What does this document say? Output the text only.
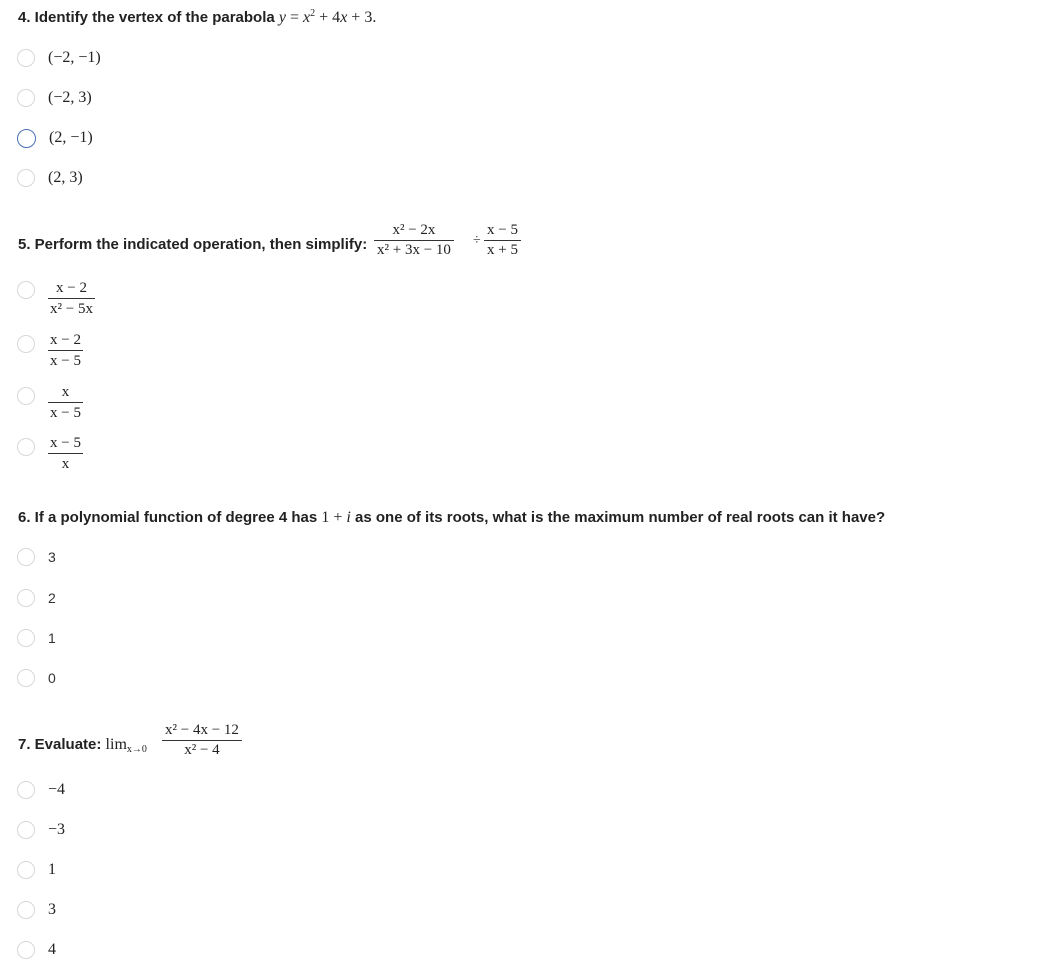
4. Identify the vertex of the parabola $y = x^2 + 4x + 3$.
(−2, −1)
(−2, 3)
(2, −1)
(2, 3)
5. Perform the indicated operation, then simplify:
x² − 2x
x² + 3x − 10
÷
x − 5
x + 5
x − 2
x² − 5x
x − 2
x − 5
x
x − 5
x − 5
x
6. If a polynomial function of degree 4 has 1 + i as one of its roots, what is the maximum number of real roots can it have?
3
2
1
0
7. Evaluate: $\lim_{x\to 0}$
x² − 4x − 12
x² − 4
−4
−3
1
3
4
